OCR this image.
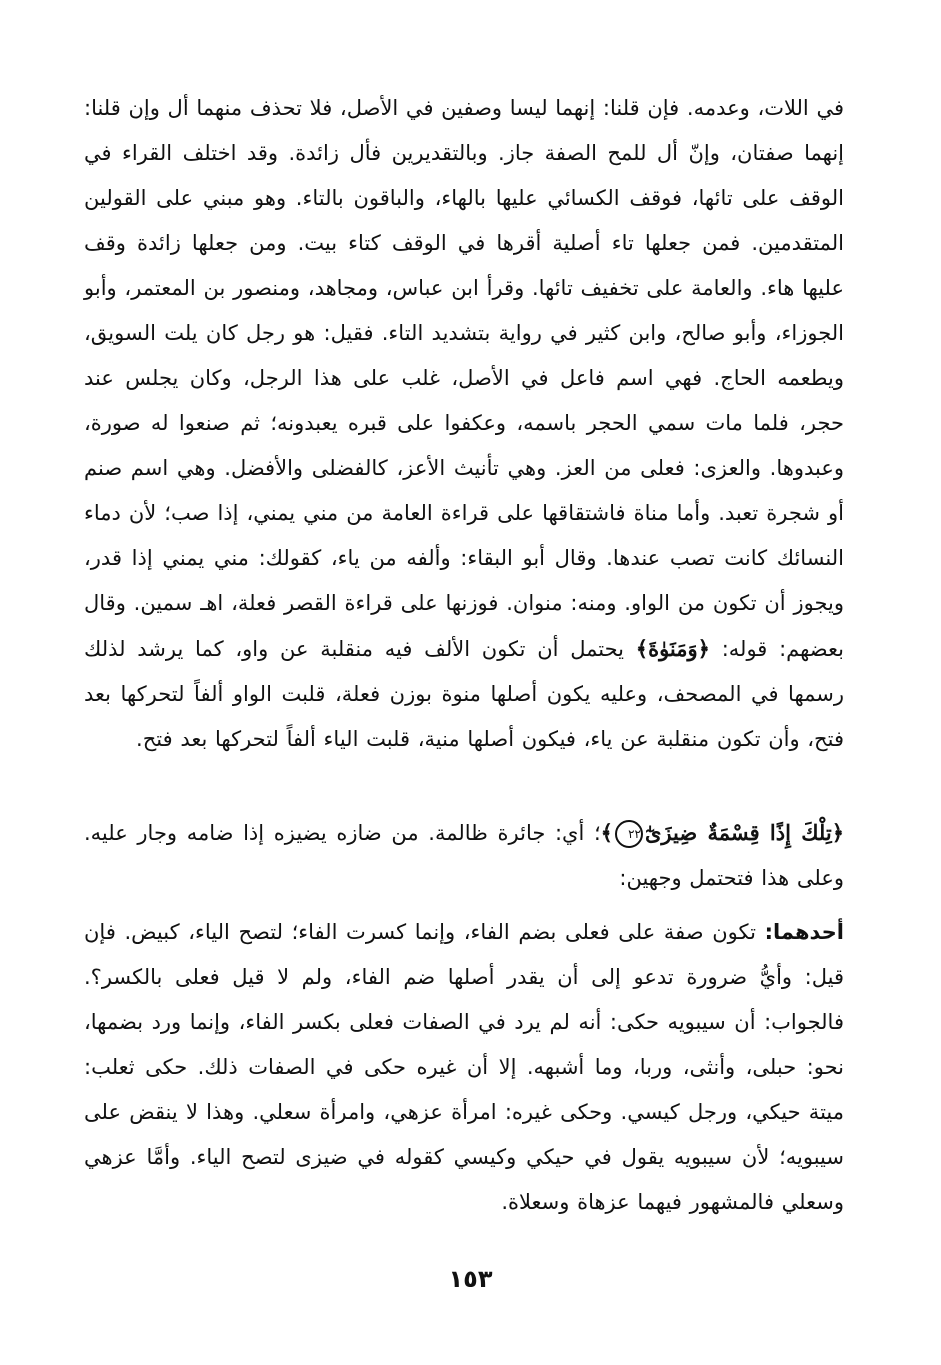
في اللات، وعدمه. فإن قلنا: إنهما ليسا وصفين في الأصل، فلا تحذف منهما أل وإن قلنا: إنهما صفتان، وإنّ أل للمح الصفة جاز. وبالتقديرين فأل زائدة. وقد اختلف القراء في الوقف على تائها، فوقف الكسائي عليها بالهاء، والباقون بالتاء. وهو مبني على القولين المتقدمين. فمن جعلها تاء أصلية أقرها في الوقف كتاء بيت. ومن جعلها زائدة وقف عليها هاء. والعامة على تخفيف تائها. وقرأ ابن عباس، ومجاهد، ومنصور بن المعتمر، وأبو الجوزاء، وأبو صالح، وابن كثير في رواية بتشديد التاء. فقيل: هو رجل كان يلت السويق، ويطعمه الحاج. فهي اسم فاعل في الأصل، غلب على هذا الرجل، وكان يجلس عند حجر، فلما مات سمي الحجر باسمه، وعكفوا على قبره يعبدونه؛ ثم صنعوا له صورة، وعبدوها. والعزى: فعلى من العز. وهي تأنيث الأعز، كالفضلى والأفضل. وهي اسم صنم أو شجرة تعبد. وأما مناة فاشتقاقها على قراءة العامة من مني يمني، إذا صب؛ لأن دماء النسائك كانت تصب عندها. وقال أبو البقاء: وألفه من ياء، كقولك: مني يمني إذا قدر، ويجوز أن تكون من الواو. ومنه: منوان. فوزنها على قراءة القصر فعلة، اهـ سمين. وقال بعضهم: قوله: ﴿وَمَنَوٰةَ﴾ يحتمل أن تكون الألف فيه منقلبة عن واو، كما يرشد لذلك رسمها في المصحف، وعليه يكون أصلها منوة بوزن فعلة، قلبت الواو ألفاً لتحركها بعد فتح، وأن تكون منقلبة عن ياء، فيكون أصلها منية، قلبت الياء ألفاً لتحركها بعد فتح.

﴿تِلْكَ إِذًا قِسْمَةٌ ضِيزَىٰٓ٢٢﴾؛ أي: جائرة ظالمة. من ضازه يضيزه إذا ضامه وجار عليه. وعلى هذا فتحتمل وجهين:

أحدهما: تكون صفة على فعلى بضم الفاء، وإنما كسرت الفاء؛ لتصح الياء، كبيض. فإن قيل: وأيُّ ضرورة تدعو إلى أن يقدر أصلها ضم الفاء، ولم لا قيل فعلى بالكسر؟. فالجواب: أن سيبويه حكى: أنه لم يرد في الصفات فعلى بكسر الفاء، وإنما ورد بضمها، نحو: حبلى، وأنثى، وربا، وما أشبهه. إلا أن غيره حكى في الصفات ذلك. حكى ثعلب: ميتة حيكي، ورجل كيسي. وحكى غيره: امرأة عزهي، وامرأة سعلي. وهذا لا ينقض على سيبويه؛ لأن سيبويه يقول في حيكي وكيسي كقوله في ضيزى لتصح الياء. وأمَّا عزهي وسعلي فالمشهور فيهما عزهاة وسعلاة.

١٥٣
